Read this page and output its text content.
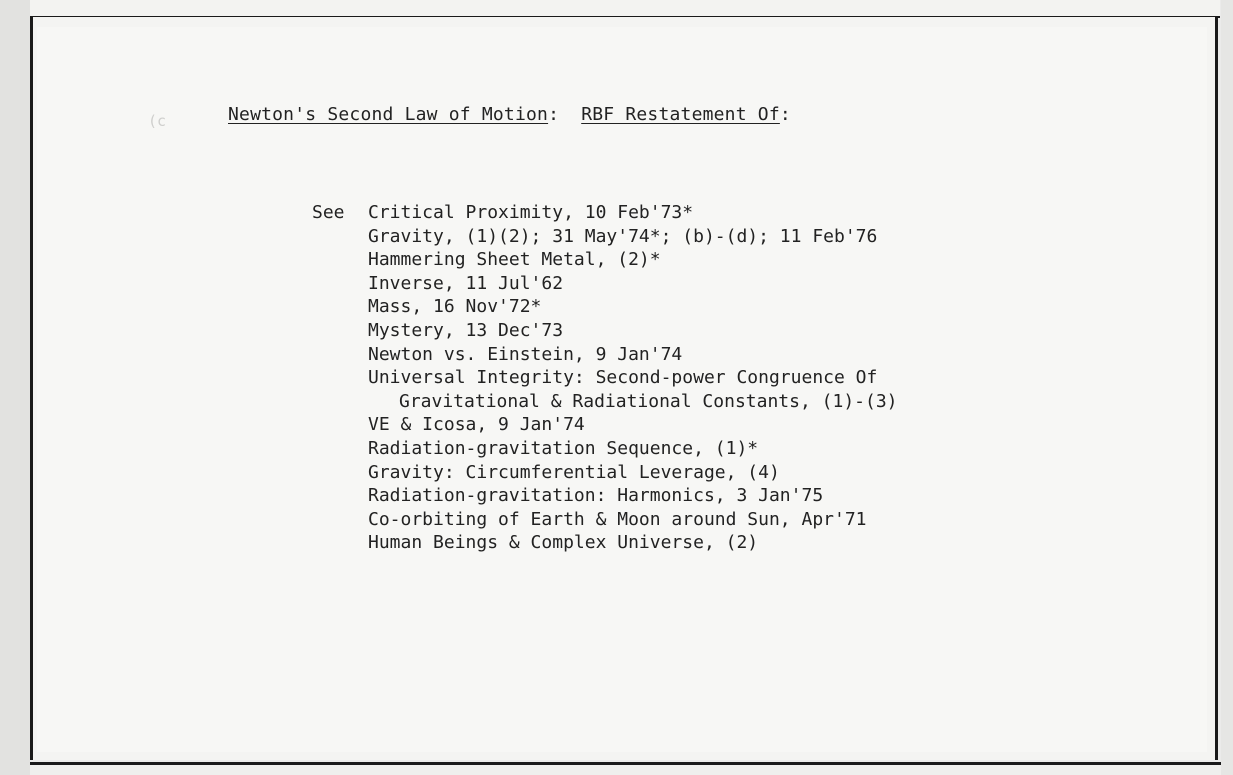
(c	Newton's Second Law of Motion:  RBF Restatement Of:
See Critical Proximity, 10 Feb'73*
Gravity, (1)(2); 31 May'74*; (b)-(d); 11 Feb'76
Hammering Sheet Metal, (2)*
Inverse, 11 Jul'62
Mass, 16 Nov'72*
Mystery, 13 Dec'73
Newton vs. Einstein, 9 Jan'74
Universal Integrity: Second-power Congruence Of
Gravitational & Radiational Constants, (1)-(3)
VE & Icosa, 9 Jan'74
Radiation-gravitation Sequence, (1)*
Gravity: Circumferential Leverage, (4)
Radiation-gravitation: Harmonics, 3 Jan'75
Co-orbiting of Earth & Moon around Sun, Apr'71
Human Beings & Complex Universe, (2)
